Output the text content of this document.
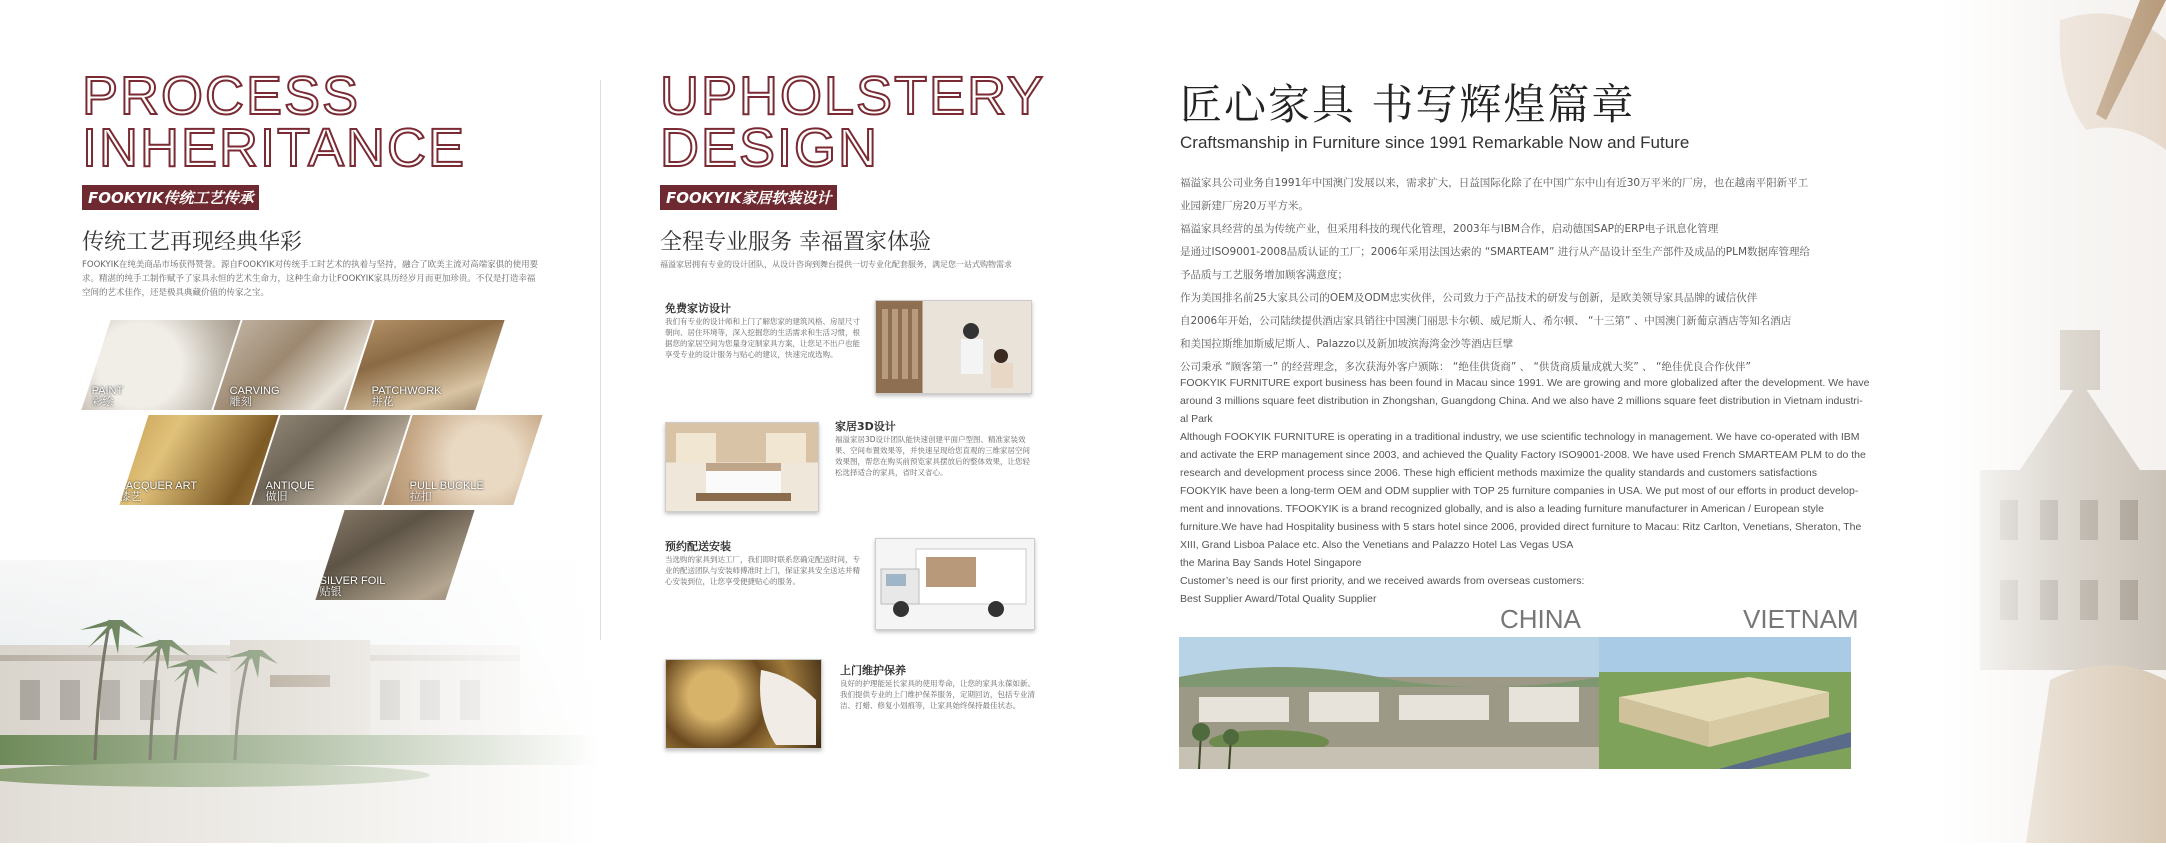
PROCESS
INHERITANCE
FOOKYIK传统工艺传承
传统工艺再现经典华彩
FOOKYIK在纯美商品市场获得赞誉。源自FOOKYIK对传统手工时艺术的执着与坚持，融合了欧美主流对高端家俱的使用要求。精湛的纯手工制作赋予了家具永恒的艺术生命力，这种生命力让FOOKYIK家具历经岁月而更加珍贵。不仅是打造幸福空间的艺术佳作，还是极具典藏价值的传家之宝。
PAINT
彩绘
CARVING
雕刻
PATCHWORK
拼花
LACQUER ART
漆艺
ANTIQUE
做旧
PULL BUCKLE
拉扣
SILVER FOIL
贴银
UPHOLSTERY
DESIGN
FOOKYIK家居软装设计
全程专业服务 幸福置家体验
福溢家居拥有专业的设计团队，从设计咨询到舞台提供一切专业化配套服务，满足您一站式购物需求
免费家访设计
我们有专业的设计师和上门了解您家的建筑风格、房屋尺寸朝向、居住环境等，深入挖掘您的生活需求和生活习惯，根据您的家居空间为您量身定制家具方案，让您足不出户也能享受专业的设计服务与贴心的建议，快速完成选购。
家居3D设计
福溢家居3D设计团队能快速创建平面户型图、精准家装效果、空间布置效果等，并快速呈现给您直观的三维家居空间效果图，帮您在购买前预览家具摆放后的整体效果，让您轻松选择适合的家具，省时又省心。
预约配送安装
当选购的家具到达工厂，我们即时联系您确定配送时间，专业的配送团队与安装师傅准时上门，保证家具安全送达并精心安装到位，让您享受便捷贴心的服务。
上门维护保养
良好的护理能延长家具的使用寿命，让您的家具永葆如新。我们提供专业的上门维护保养服务，定期回访，包括专业清洁、打蜡、修复小划痕等，让家具始终保持最佳状态。
匠心家具 书写辉煌篇章
Craftsmanship in Furniture since 1991 Remarkable Now and Future
福溢家具公司业务自1991年中国澳门发展以来，需求扩大，日益国际化除了在中国广东中山有近30万平米的厂房，也在越南平阳新平工
业园新建厂房20万平方米。
福溢家具经营的虽为传统产业，但采用科技的现代化管理，2003年与IBM合作，启动德国SAP的ERP电子讯息化管理
是通过ISO9001-2008品质认证的工厂；2006年采用法国达索的 “SMARTEAM” 进行从产品设计至生产部件及成品的PLM数据库管理给
予品质与工艺服务增加顾客满意度；
作为美国排名前25大家具公司的OEM及ODM忠实伙伴，公司致力于产品技术的研发与创新，是欧美领导家具品牌的诚信伙伴
自2006年开始，公司陆续提供酒店家具销往中国澳门丽思卡尔顿、威尼斯人、希尔顿、 “十三第” 、中国澳门新葡京酒店等知名酒店
和美国拉斯维加斯威尼斯人、Palazzo以及新加坡滨海湾金沙等酒店巨擘
公司秉承 “顾客第一” 的经营理念，多次获海外客户颁陈： “绝佳供货商” 、 “供货商质量成就大奖” 、 “绝佳优良合作伙伴”
FOOKYIK FURNITURE export business has been found in Macau since 1991. We are growing and more globalized after the development. We have
around 3 millions square feet distribution in Zhongshan, Guangdong China. And we also have 2 millions square feet distribution in Vietnam industri-
al Park
Although FOOKYIK FURNITURE is operating in a traditional industry, we use scientific technology in management. We have co-operated with IBM
and activate the ERP management since 2003, and achieved the Quality Factory ISO9001-2008. We have used French SMARTEAM PLM to do the
research and development process since 2006. These high efficient methods maximize the quality standards and customers satisfactions
FOOKYIK have been a long-term OEM and ODM supplier with TOP 25 furniture companies in USA. We put most of our efforts in product develop-
ment and innovations. TFOOKYIK is a brand recognized globally, and is also a leading furniture manufacturer in American / European style
furniture.We have had Hospitality business with 5 stars hotel since 2006, provided direct furniture to Macau: Ritz Carlton, Venetians, Sheraton, The
XIII, Grand Lisboa Palace etc. Also the Venetians and Palazzo Hotel Las Vegas USA
the Marina Bay Sands Hotel Singapore
Customer’s need is our first priority, and we received awards from overseas customers:
Best Supplier Award/Total Quality Supplier
CHINA	VIETNAM
